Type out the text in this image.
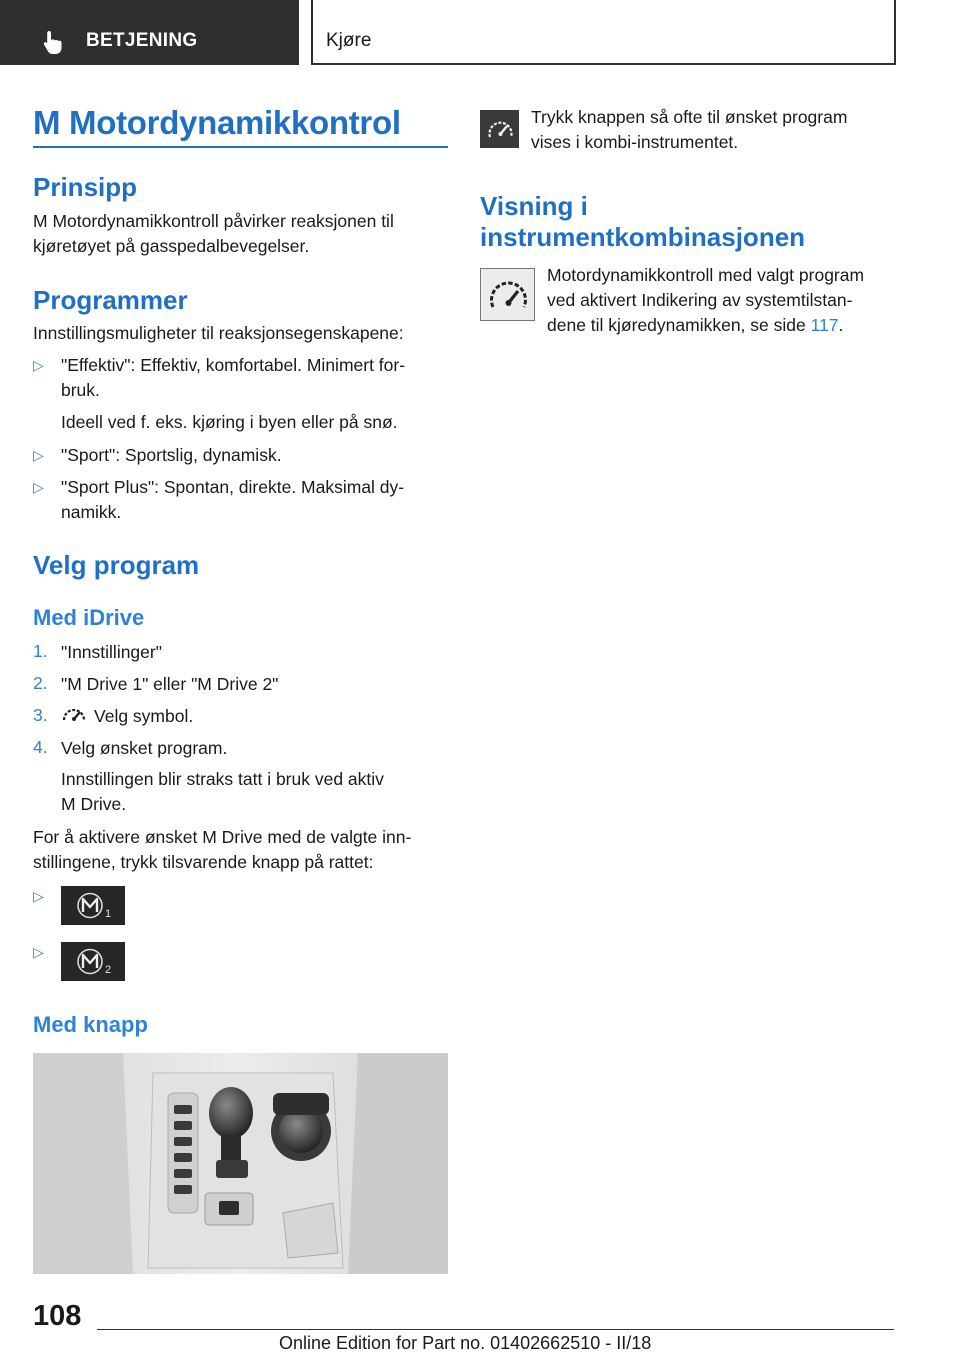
BETJENING	Kjøre
M Motordynamikkontrol
Prinsipp
M Motordynamikkontroll påvirker reaksjonen til
kjøretøyet på gasspedalbevegelser.
Programmer
Innstillingsmuligheter til reaksjonsegenskapene:
▷ "Effektiv": Effektiv, komfortabel. Minimert for-
bruk.
Ideell ved f. eks. kjøring i byen eller på snø.
▷ "Sport": Sportslig, dynamisk.
▷ "Sport Plus": Spontan, direkte. Maksimal dy-
namikk.
Velg program
Med iDrive
1. "Innstillinger"
2. "M Drive 1" eller "M Drive 2"
3.	Velg symbol.
4. Velg ønsket program.
Innstillingen blir straks tatt i bruk ved aktiv
M Drive.
For å aktivere ønsket M Drive med de valgte inn-
stillingene, trykk tilsvarende knapp på rattet:
▷
1
▷
2
Med knapp
Trykk knappen så ofte til ønsket program
vises i kombi-instrumentet.
Visning i
instrumentkombinasjonen
Motordynamikkontroll med valgt program
ved aktivert Indikering av systemtilstan-
dene til kjøredynamikken, se side 117.
108
Online Edition for Part no. 01402662510 - II/18
